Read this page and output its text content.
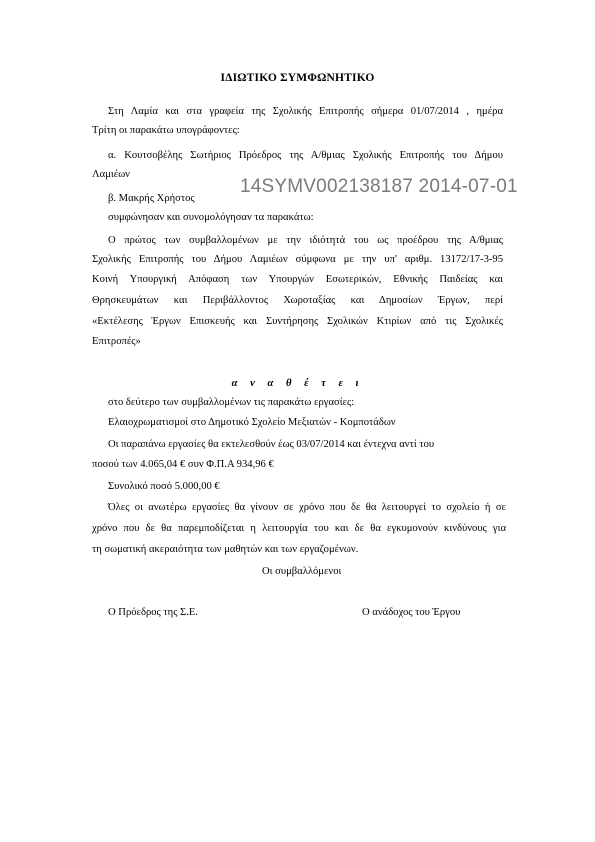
ΙΔΙΩΤΙΚΟ ΣΥΜΦΩΝΗΤΙΚΟ
Στη Λαμία και στα γραφεία της Σχολικής Επιτροπής σήμερα 01/07/2014 , ημέρα
Τρίτη οι παρακάτω υπογράφοντες:
α. Κουτσοβέλης Σωτήριος Πρόεδρος της Α/θμιας Σχολικής Επιτροπής του Δήμου
Λαμιέων
β. Μακρής Χρήστος
14SYMV002138187 2014-07-01
συμφώνησαν και συνομολόγησαν τα παρακάτω:
Ο πρώτος των συμβαλλομένων με την ιδιότητά του ως προέδρου της Α/θμιας
Σχολικής Επιτροπής του Δήμου Λαμιέων σύμφωνα με την υπ' αριθμ. 13172/17-3-95
Κοινή Υπουργική Απόφαση των Υπουργών Εσωτερικών, Εθνικής Παιδείας και
Θρησκευμάτων και Περιβάλλοντος Χωροταξίας και Δημοσίων Έργων, περί
«Εκτέλεσης Έργων Επισκευής και Συντήρησης Σχολικών Κτιρίων από τις Σχολικές
Επιτροπές»
α ν α θ έ τ ε ι
στο δεύτερο των συμβαλλομένων τις παρακάτω εργασίες:
Ελαιοχρωματισμοί στο Δημοτικό Σχολείο Μεξιατών - Κομποτάδων
Οι παραπάνω εργασίες θα εκτελεσθούν έως 03/07/2014 και έντεχνα αντί του
ποσού των 4.065,04 € συν Φ.Π.Α 934,96 €
Συνολικό ποσό 5.000,00 €
Όλες οι ανωτέρω εργασίες θα γίνουν σε χρόνο που δε θα λειτουργεί το σχολείο ή σε
χρόνο που δε θα παρεμποδίζεται η λειτουργία του και δε θα εγκυμονούν κινδύνους για
τη σωματική ακεραιότητα των μαθητών και των εργαζομένων.
Οι συμβαλλόμενοι
Ο Πρόεδρος της Σ.Ε.	Ο ανάδοχος του Έργου
